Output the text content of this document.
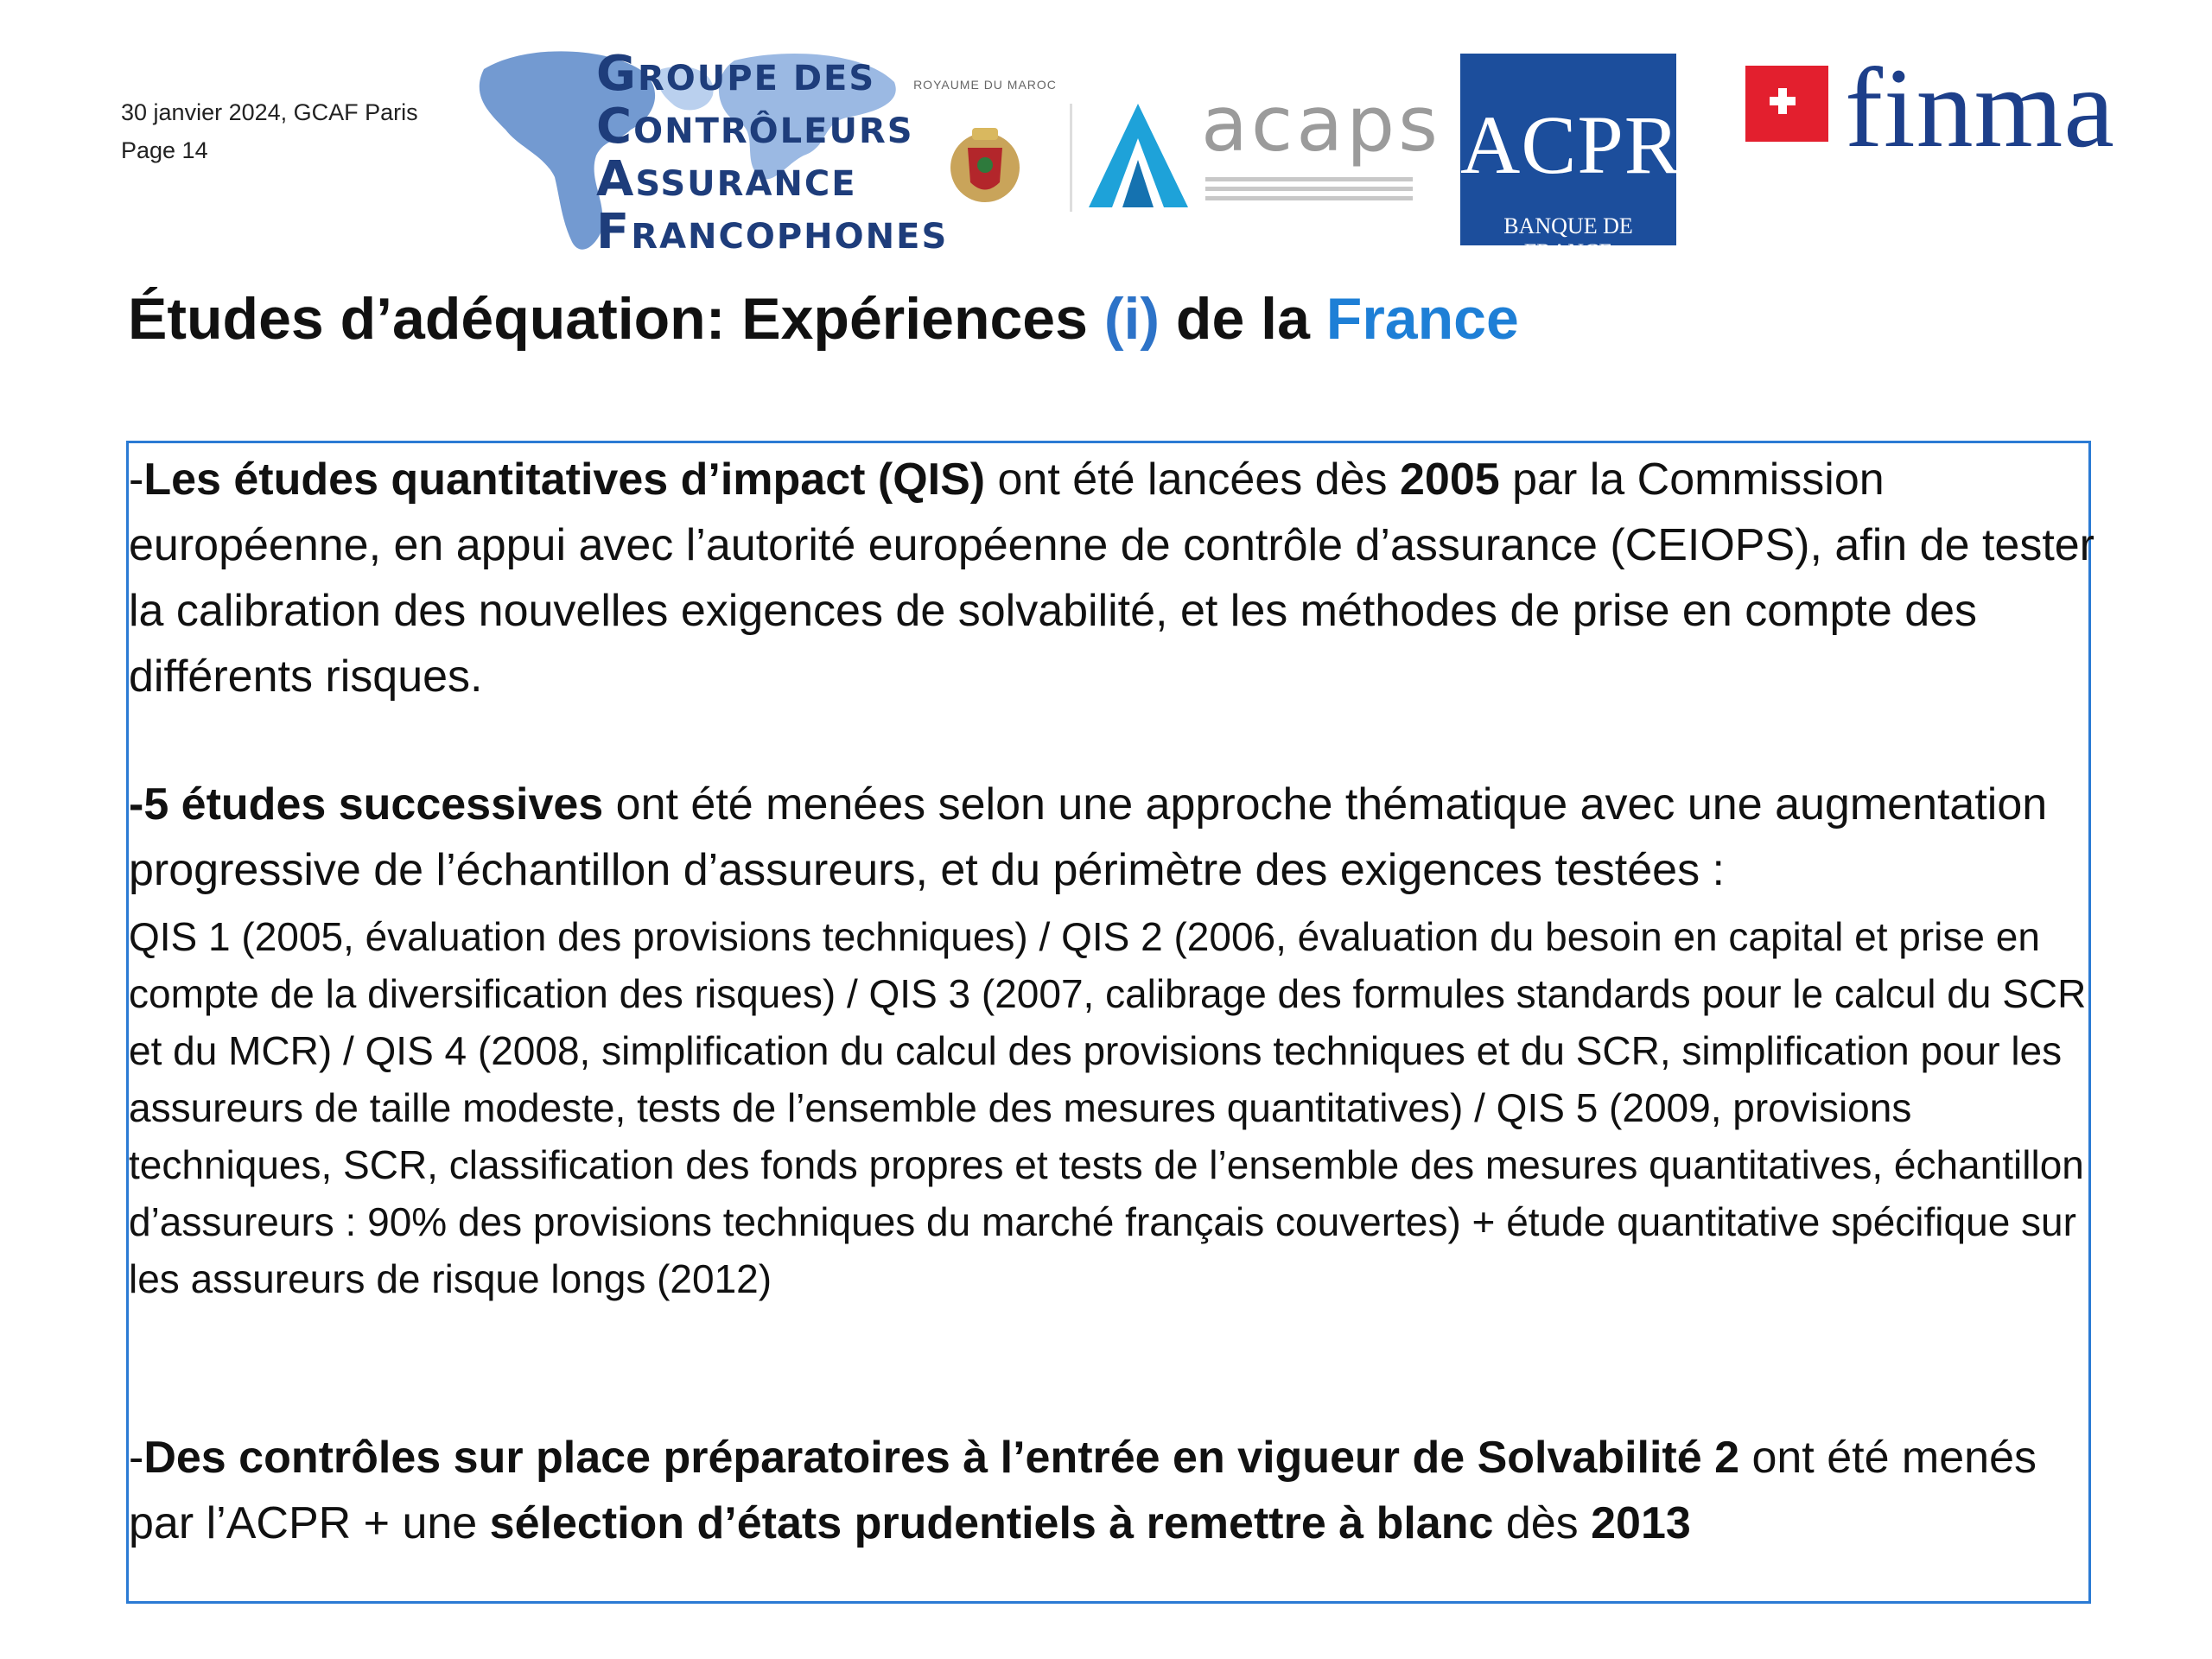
30 janvier 2024, GCAF Paris
Page 14
GROUPE DES
CONTRÔLEURS
ASSURANCE
FRANCOPHONES
ROYAUME DU MAROC acaps ACPR
BANQUE DE FRANCE
finma
Études d’adéquation: Expériences (i) de la France

-Les études quantitatives d’impact (QIS) ont été lancées dès 2005 par la Commission européenne, en appui avec l’autorité européenne de contrôle d’assurance (CEIOPS), afin de tester la calibration des nouvelles exigences de solvabilité, et les méthodes de prise en compte des différents risques.

-5 études successives ont été menées selon une approche thématique avec une augmentation progressive de l’échantillon d’assureurs, et du périmètre des exigences testées :

QIS 1 (2005, évaluation des provisions techniques) / QIS 2 (2006, évaluation du besoin en capital et prise en compte de la diversification des risques) / QIS 3 (2007, calibrage des formules standards pour le calcul du SCR et du MCR) / QIS 4 (2008, simplification du calcul des provisions techniques et du SCR, simplification pour les assureurs de taille modeste, tests de l’ensemble des mesures quantitatives) / QIS 5 (2009, provisions techniques, SCR, classification des fonds propres et tests de l’ensemble des mesures quantitatives, échantillon d’assureurs : 90% des provisions techniques du marché français couvertes) + étude quantitative spécifique sur les assureurs de risque longs (2012)

-Des contrôles sur place préparatoires à l’entrée en vigueur de Solvabilité 2 ont été menés par l’ACPR + une sélection d’états prudentiels à remettre à blanc dès 2013
